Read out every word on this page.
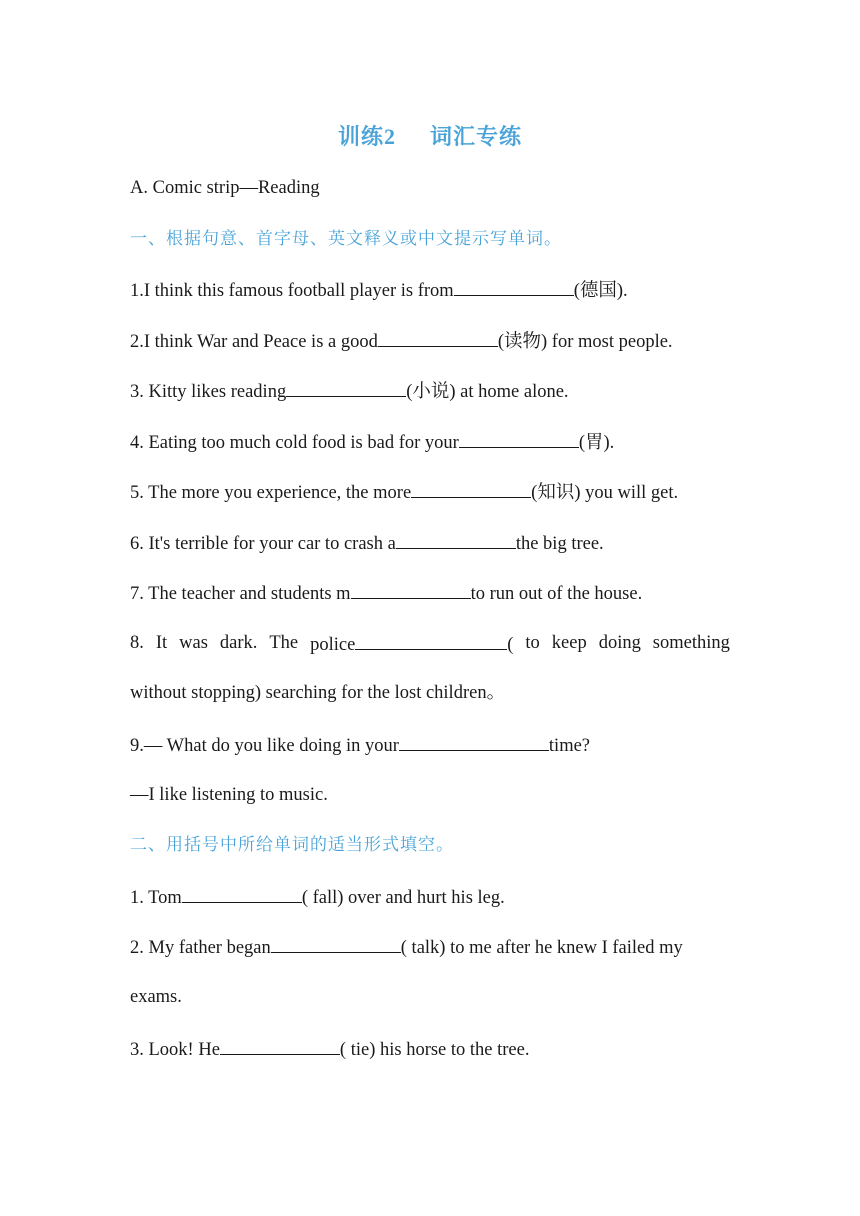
训练2 词汇专练
A. Comic strip—Reading
一、根据句意、首字母、英文释义或中文提示写单词。
1.I think this famous football player is from	(德国).
2.I think War and Peace is a good	(读物) for most people.
3. Kitty likes reading	(小说) at home alone.
4. Eating too much cold food is bad for your	(胃).
5. The more you experience, the more	(知识) you will get.
6. It's terrible for your car to crash a	the big tree.
7. The teacher and students m	to run out of the house.
8. It was dark. The police	( to keep doing something
without stopping) searching for the lost children。
9.— What do you like doing in your	time?
—I like listening to music.
二、用括号中所给单词的适当形式填空。
1. Tom	( fall) over and hurt his leg.
2. My father began	( talk) to me after he knew I failed my
exams.
3. Look! He	( tie) his horse to the tree.
